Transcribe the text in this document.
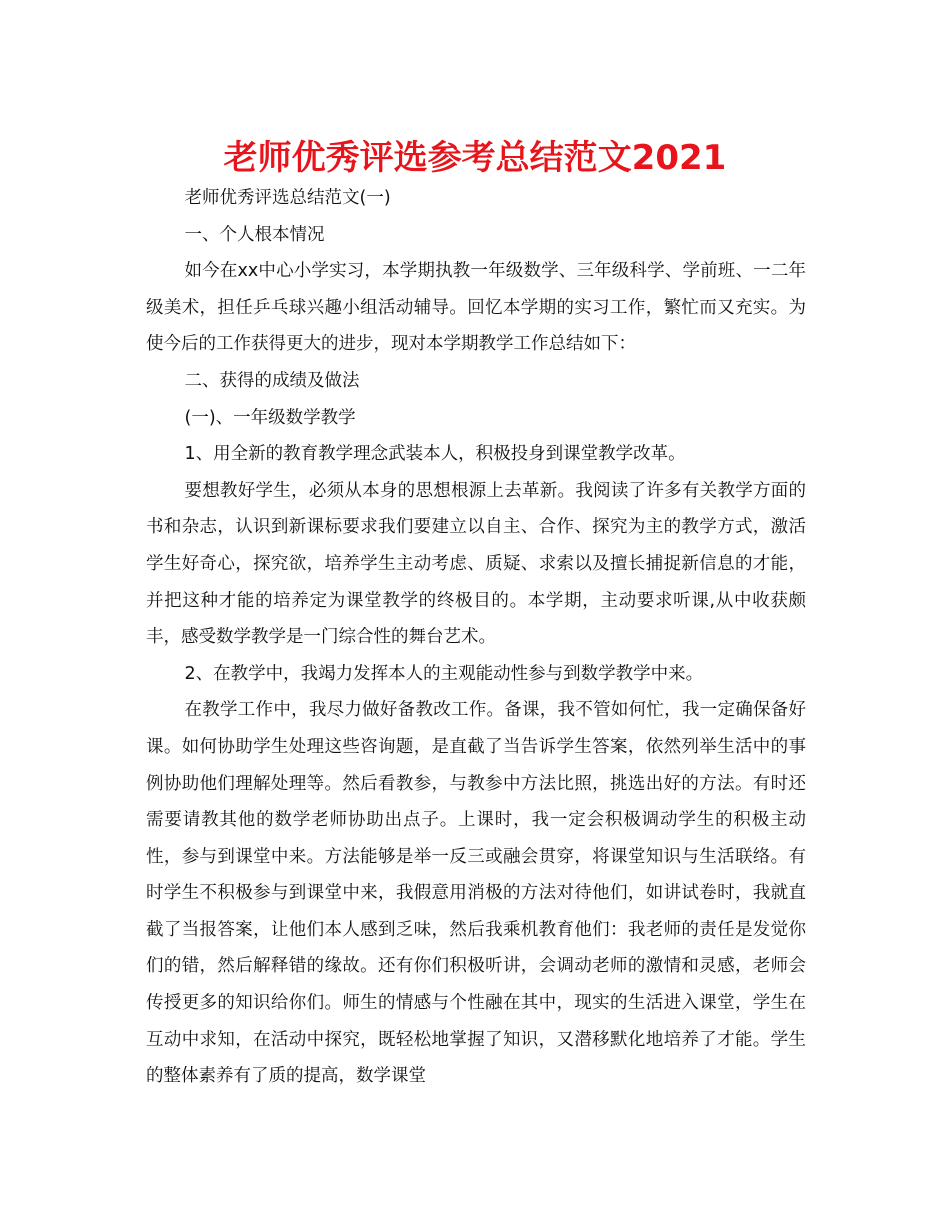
老师优秀评选参考总结范文2021

老师优秀评选总结范文(一)

一、个人根本情况

如今在xx中心小学实习，本学期执教一年级数学、三年级科学、学前班、一二年级美术，担任乒乓球兴趣小组活动辅导。回忆本学期的实习工作，繁忙而又充实。为使今后的工作获得更大的进步，现对本学期教学工作总结如下：

二、获得的成绩及做法

(一)、一年级数学教学

1、用全新的教育教学理念武装本人，积极投身到课堂教学改革。

要想教好学生，必须从本身的思想根源上去革新。我阅读了许多有关教学方面的书和杂志，认识到新课标要求我们要建立以自主、合作、探究为主的教学方式，激活学生好奇心，探究欲，培养学生主动考虑、质疑、求索以及擅长捕捉新信息的才能，并把这种才能的培养定为课堂教学的终极目的。本学期，主动要求听课,从中收获颇丰，感受数学教学是一门综合性的舞台艺术。

2、在教学中，我竭力发挥本人的主观能动性参与到数学教学中来。

在教学工作中，我尽力做好备教改工作。备课，我不管如何忙，我一定确保备好课。如何协助学生处理这些咨询题，是直截了当告诉学生答案，依然列举生活中的事例协助他们理解处理等。然后看教参，与教参中方法比照，挑选出好的方法。有时还需要请教其他的数学老师协助出点子。上课时，我一定会积极调动学生的积极主动性，参与到课堂中来。方法能够是举一反三或融会贯穿，将课堂知识与生活联络。有时学生不积极参与到课堂中来，我假意用消极的方法对待他们，如讲试卷时，我就直截了当报答案，让他们本人感到乏味，然后我乘机教育他们：我老师的责任是发觉你们的错，然后解释错的缘故。还有你们积极听讲，会调动老师的激情和灵感，老师会传授更多的知识给你们。师生的情感与个性融在其中，现实的生活进入课堂，学生在互动中求知，在活动中探究，既轻松地掌握了知识，又潜移默化地培养了才能。学生的整体素养有了质的提高，数学课堂
